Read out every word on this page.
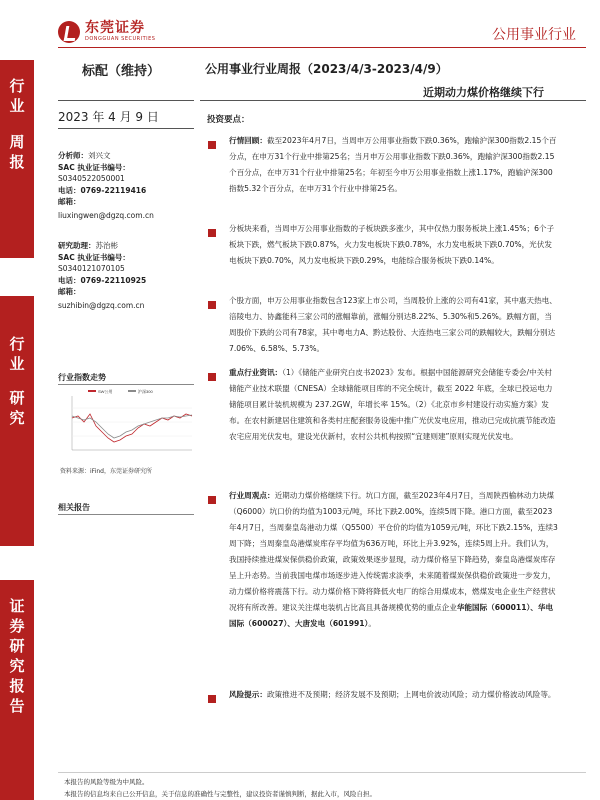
东莞证券
DONGGUAN SECURITIES	公用事业行业
标配（维持）	公用事业行业周报（2023/4/3-2023/4/9）
近期动力煤价格继续下行
行
业
周
报
行
业
研
究
证
券
研
究
报
告
2023 年 4 月 9 日
分析师：刘兴文
SAC 执业证书编号：
S0340522050001
电话：0769-22119416
邮箱：
liuxingwen@dgzq.com.cn
研究助理：苏治彬
SAC 执业证书编号：
S0340121070105
电话：0769-22110925
邮箱：
suzhibin@dgzq.com.cn
行业指数走势
SW公用	沪深300
资料来源：iFind，东莞证券研究所
相关报告
投资要点：
行情回顾：截至2023年4月7日，当周申万公用事业指数下跌0.36%，跑输沪深300指数2.15个百分点，在申万31个行业中排第25名；当月申万公用事业指数下跌0.36%，跑输沪深300指数2.15个百分点，在申万31个行业中排第25名；年初至今申万公用事业指数上涨1.17%，跑输沪深300指数5.32个百分点，在申万31个行业中排第25名。
分板块来看，当周申万公用事业指数的子板块跌多涨少，其中仅热力服务板块上涨1.45%；6个子板块下跌，燃气板块下跌0.87%，火力发电板块下跌0.78%，水力发电板块下跌0.70%，光伏发电板块下跌0.70%，风力发电板块下跌0.29%，电能综合服务板块下跌0.14%。
个股方面，申万公用事业指数包含123家上市公司，当周股价上涨的公司有41家，其中惠天热电、涪陵电力、协鑫能科三家公司的涨幅靠前，涨幅分别达8.22%、5.30%和5.26%。跌幅方面，当周股价下跌的公司有78家，其中粤电力A、黔达股份、大连热电三家公司的跌幅较大，跌幅分别达7.06%、6.58%、5.73%。
重点行业资讯：（1）《储能产业研究白皮书2023》发布。根据中国能源研究会储能专委会/中关村储能产业技术联盟（CNESA）全球储能项目库的不完全统计，截至 2022 年底，全球已投运电力储能项目累计装机规模为 237.2GW，年增长率 15%。（2）《北京市乡村建设行动实施方案》发布。在农村新建居住建筑和各类村庄配套服务设施中推广光伏发电应用，推动已完成抗震节能改造农宅应用光伏发电，建设光伏新村，农村公共机构按照“宜建则建”原则实现光伏发电。
行业周观点：近期动力煤价格继续下行。坑口方面，截至2023年4月7日，当周陕西榆林动力块煤（Q6000）坑口价的均值为1003元/吨，环比下跌2.00%，连续5周下降。港口方面，截至2023年4月7日，当周秦皇岛港动力煤（Q5500）平仓价的均值为1059元/吨，环比下跌2.15%，连续3周下降；当周秦皇岛港煤炭库存平均值为636万吨，环比上升3.92%，连续5周上升。我们认为，我国持续推进煤炭保供稳价政策，政策效果逐步显现，动力煤价格呈下降趋势，秦皇岛港煤炭库存呈上升态势。当前我国电煤市场逐步进入传统需求淡季，未来随着煤炭保供稳价政策进一步发力，动力煤价格将震荡下行。动力煤价格下降将降低火电厂的综合用煤成本，燃煤发电企业生产经营状况将有所改善。建议关注煤电装机占比高且具备规模优势的重点企业华能国际（600011）、华电国际（600027）、大唐发电（601991）。
风险提示：政策推进不及预期；经济发展不及预期；上网电价波动风险；动力煤价格波动风险等。
本报告的风险等级为中风险。
本报告的信息均来自已公开信息，关于信息的准确性与完整性，建议投资者谨慎判断，据此入市，风险自担。
